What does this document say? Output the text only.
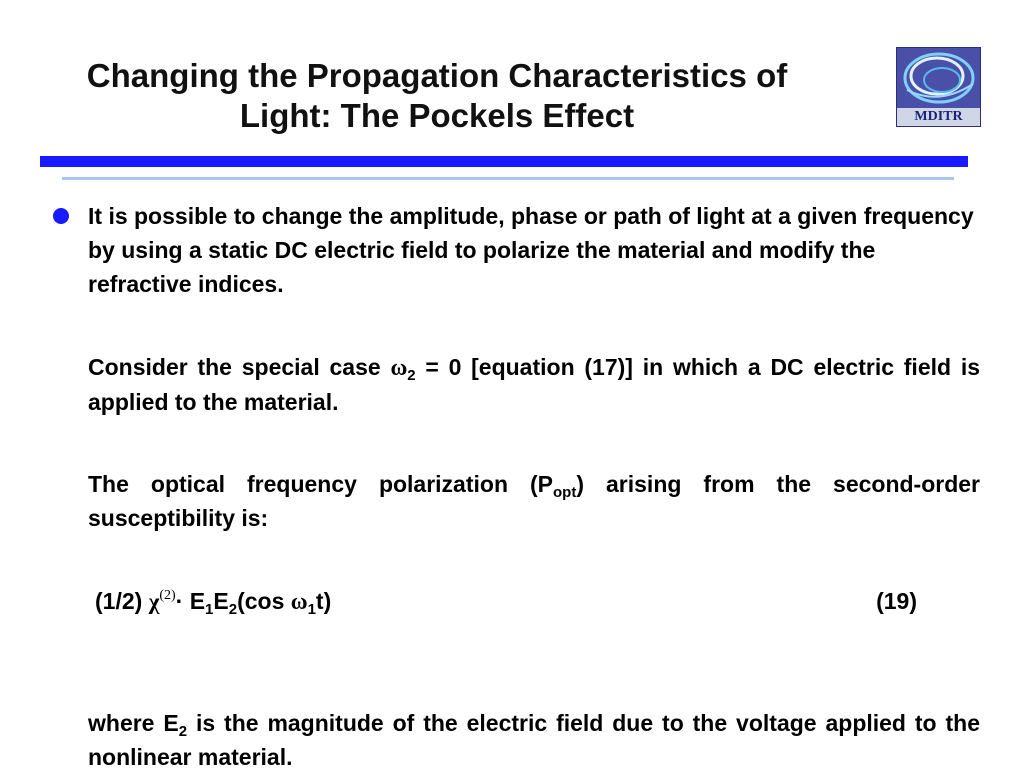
Changing the Propagation Characteristics of
Light: The Pockels Effect	MDITR
It is possible to change the amplitude, phase or path of light at a given frequency by using a static DC electric field to polarize the material and modify the refractive indices.
Consider the special case $\omega_2 = 0$ [equation (17)] in which a DC electric field is applied to the material.
The optical frequency polarization $(P_{opt})$ arising from the second-order susceptibility is:
(1/2) $\chi^{(2)}\cdot E_1E_2(\cos$ $\omega_1t$)	(19)
where $E_2$ is the magnitude of the electric field due to the voltage applied to the nonlinear material.
